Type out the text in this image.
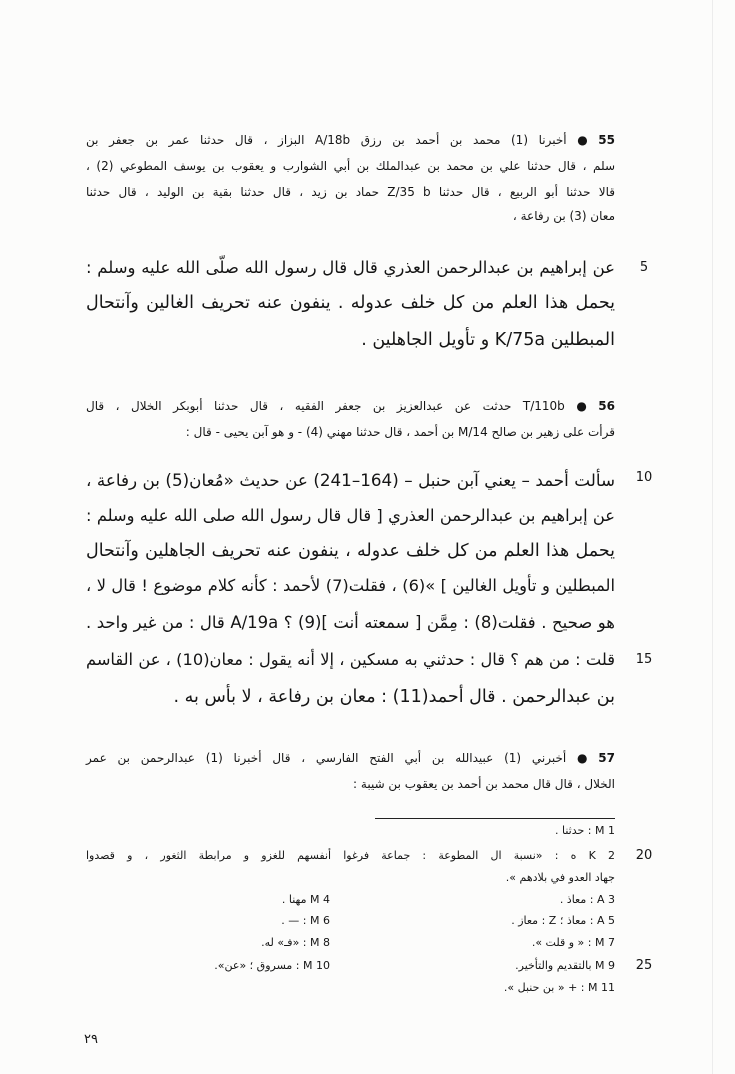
5
10
15
20
25
55 ● أخبرنا (1) محمد بن أحمد بن رزق A/18b البزاز ، قال حدثنا عمر بن جعفر بن
سلم ، قال حدثنا علي بن محمد بن عبدالملك بن أبي الشوارب و يعقوب بن يوسف المطوعي (2) ،
قالا حدثنا أبو الربيع ، قال حدثنا Z/35 b حماد بن زيد ، قال حدثنا بقية بن الوليد ، قال حدثنا
معان (3) بن رفاعة ،
عن إبراهيم بن عبدالرحمن العذري قال قال رسول الله صلّى الله عليه وسلم :
يحمل هذا العلم من كل خلف عدوله . ينفون عنه تحريف الغالين وآنتحال
المبطلين K/75a و تأويل الجاهلين .
56 ● T/110b حدثت عن عبدالعزيز بن جعفر الفقيه ، قال حدثنا أبوبكر الخلال ، قال
قرأت على زهير بن صالح M/14 بن أحمد ، قال حدثنا مهني (4) - و هو آبن يحيى - قال :
سألت أحمد – يعني آبن حنبل – (164–241) عن حديث «مُعان(5) بن رفاعة ،
عن إبراهيم بن عبدالرحمن العذري [ قال قال رسول الله صلى الله عليه وسلم :
يحمل هذا العلم من كل خلف عدوله ، ينفون عنه تحريف الجاهلين وآنتحال
المبطلين و تأويل الغالين ] »(6) ، فقلت(7) لأحمد : كأنه كلام موضوع ! قال لا ،
هو صحيح . فقلت(8) : مِمَّن [ سمعته أنت ](9) ؟ A/19a قال : من غير واحد .
قلت : من هم ؟ قال : حدثني به مسكين ، إلا أنه يقول : معان(10) ، عن القاسم
بن عبدالرحمن . قال أحمد(11) : معان بن رفاعة ، لا بأس به .
57 ● أخبرني (1) عبيدالله بن أبي الفتح الفارسي ، قال أخبرنا (1) عبدالرحمن بن عمر
الخلال ، قال قال محمد بن أحمد بن يعقوب بن شيبة :
1 M : حدثنا .
2 K ه : «نسبة ال المطوعة : جماعة فرغوا أنفسهم للغزو و مرابطة الثغور ، و قصدوا
جهاد العدو في بلادهم ».
3 A : معاذ .
4 M مهنا .
5 A : معاذ ؛ Z : معاز .
6 M : — .
7 M : « و قلت ».
8 M : «فـ» له.
9 M بالتقديم والتأخير.
10 M : مسروق ؛ «عن».
11 M : + « بن حنبل ».
٢٩
